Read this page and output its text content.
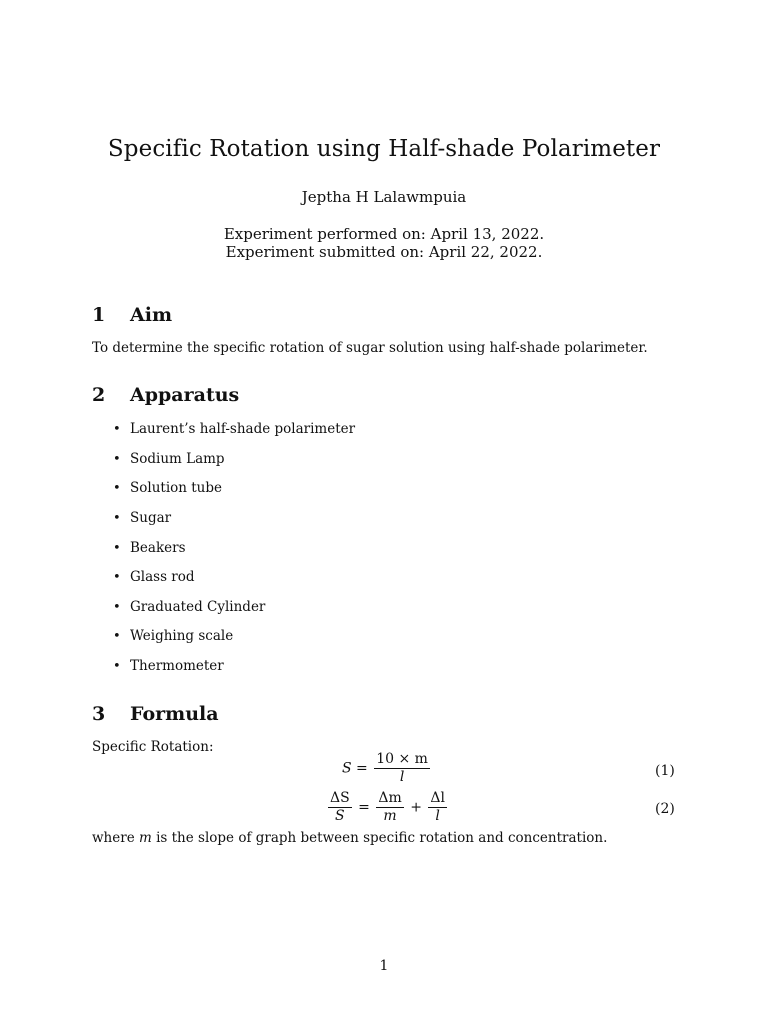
Specific Rotation using Half-shade Polarimeter
Jeptha H Lalawmpuia
Experiment performed on: April 13, 2022.
Experiment submitted on: April 22, 2022.
1 Aim
To determine the specific rotation of sugar solution using half-shade polarimeter.
2 Apparatus
• Laurent’s half-shade polarimeter
• Sodium Lamp
• Solution tube
• Sugar
• Beakers
• Glass rod
• Graduated Cylinder
• Weighing scale
• Thermometer
3 Formula
Specific Rotation:
$S = \frac{10 \times m}{l}$	(1)
$\frac{\Delta S}{S} = \frac{\Delta m}{m} + \frac{\Delta l}{l}$	(2)
where m is the slope of graph between specific rotation and concentration.
1
